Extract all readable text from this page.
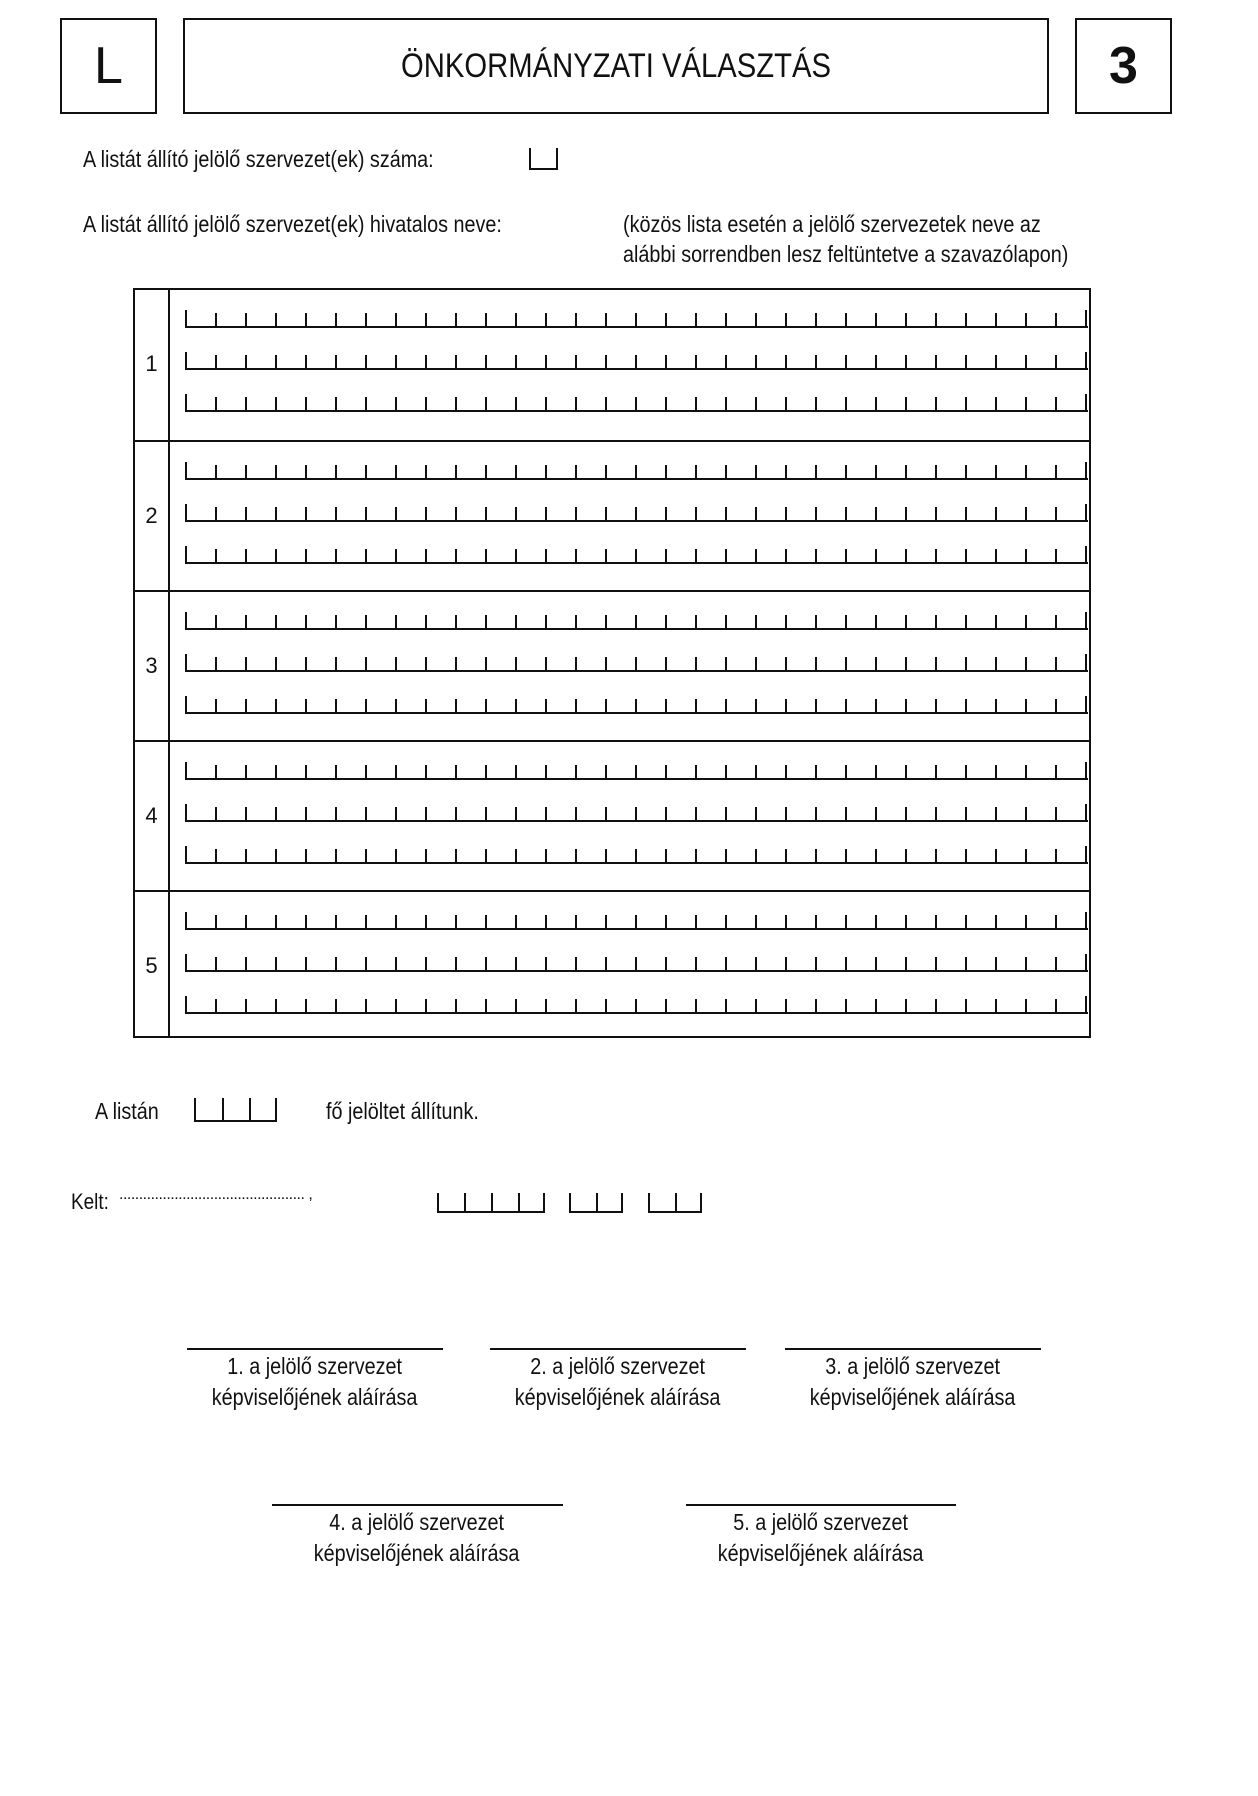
L	ÖNKORMÁNYZATI VÁLASZTÁS	3
A listát állító jelölő szervezet(ek) száma:
A listát állító jelölő szervezet(ek) hivatalos neve:	(közös lista esetén a jelölő szervezetek neve az
alábbi sorrendben lesz feltüntetve a szavazólapon)
1
2
3
4
5
A listán	fő jelöltet állítunk.
Kelt: ............................................... ,
1. a jelölő szervezet
képviselőjének aláírása
2. a jelölő szervezet
képviselőjének aláírása
3. a jelölő szervezet
képviselőjének aláírása
4. a jelölő szervezet
képviselőjének aláírása
5. a jelölő szervezet
képviselőjének aláírása
